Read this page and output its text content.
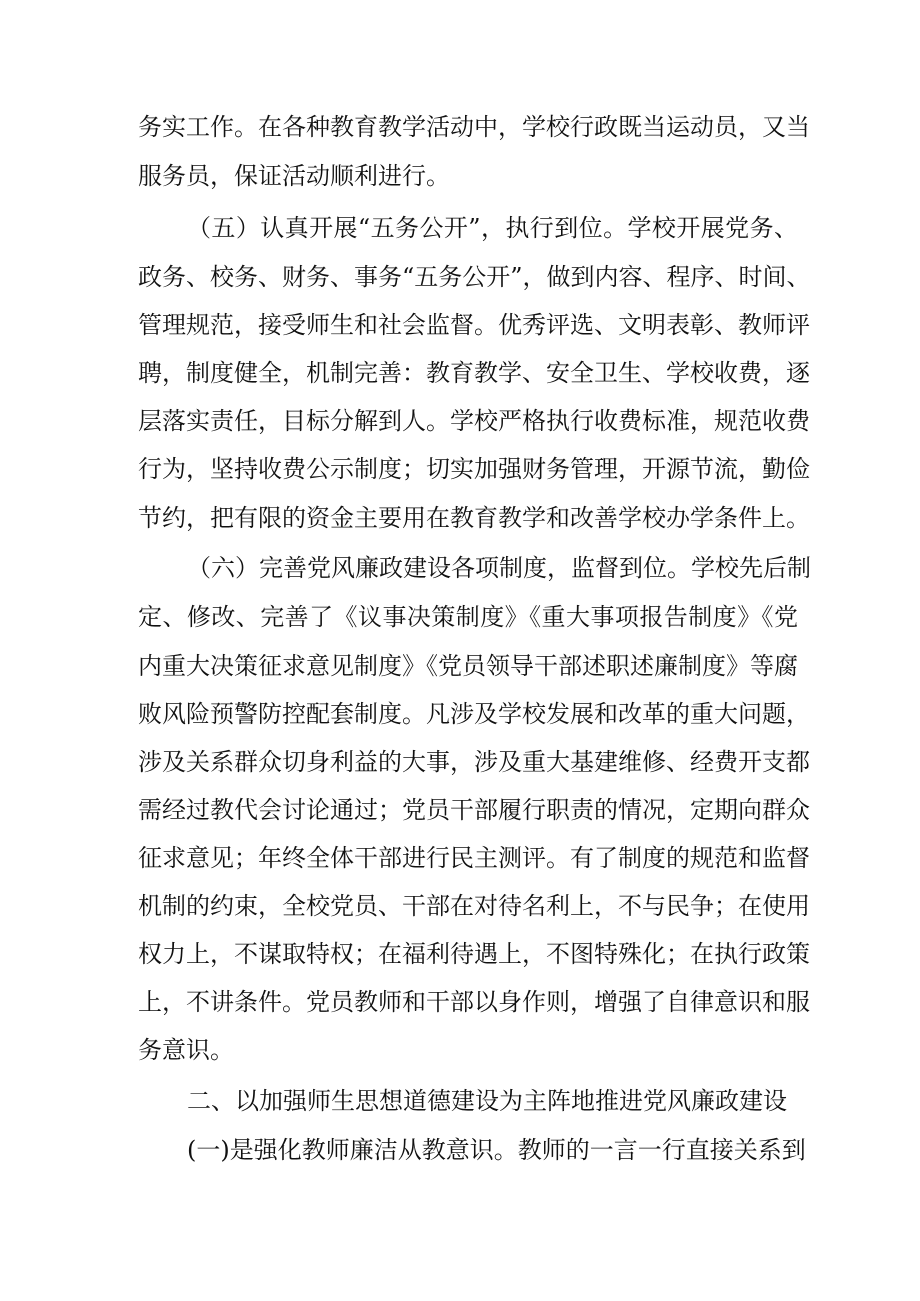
务实工作。在各种教育教学活动中，学校行政既当运动员，又当
服务员，保证活动顺利进行。
（五）认真开展“五务公开”，执行到位。学校开展党务、
政务、校务、财务、事务“五务公开”，做到内容、程序、时间、
管理规范，接受师生和社会监督。优秀评选、文明表彰、教师评
聘，制度健全，机制完善：教育教学、安全卫生、学校收费，逐
层落实责任，目标分解到人。学校严格执行收费标准，规范收费
行为，坚持收费公示制度；切实加强财务管理，开源节流，勤俭
节约，把有限的资金主要用在教育教学和改善学校办学条件上。
（六）完善党风廉政建设各项制度，监督到位。学校先后制
定、修改、完善了《议事决策制度》《重大事项报告制度》《党
内重大决策征求意见制度》《党员领导干部述职述廉制度》等腐
败风险预警防控配套制度。凡涉及学校发展和改革的重大问题，
涉及关系群众切身利益的大事，涉及重大基建维修、经费开支都
需经过教代会讨论通过；党员干部履行职责的情况，定期向群众
征求意见；年终全体干部进行民主测评。有了制度的规范和监督
机制的约束，全校党员、干部在对待名利上，不与民争；在使用
权力上，不谋取特权；在福利待遇上，不图特殊化；在执行政策
上，不讲条件。党员教师和干部以身作则，增强了自律意识和服
务意识。
二、以加强师生思想道德建设为主阵地推进党风廉政建设
(一)是强化教师廉洁从教意识。教师的一言一行直接关系到
